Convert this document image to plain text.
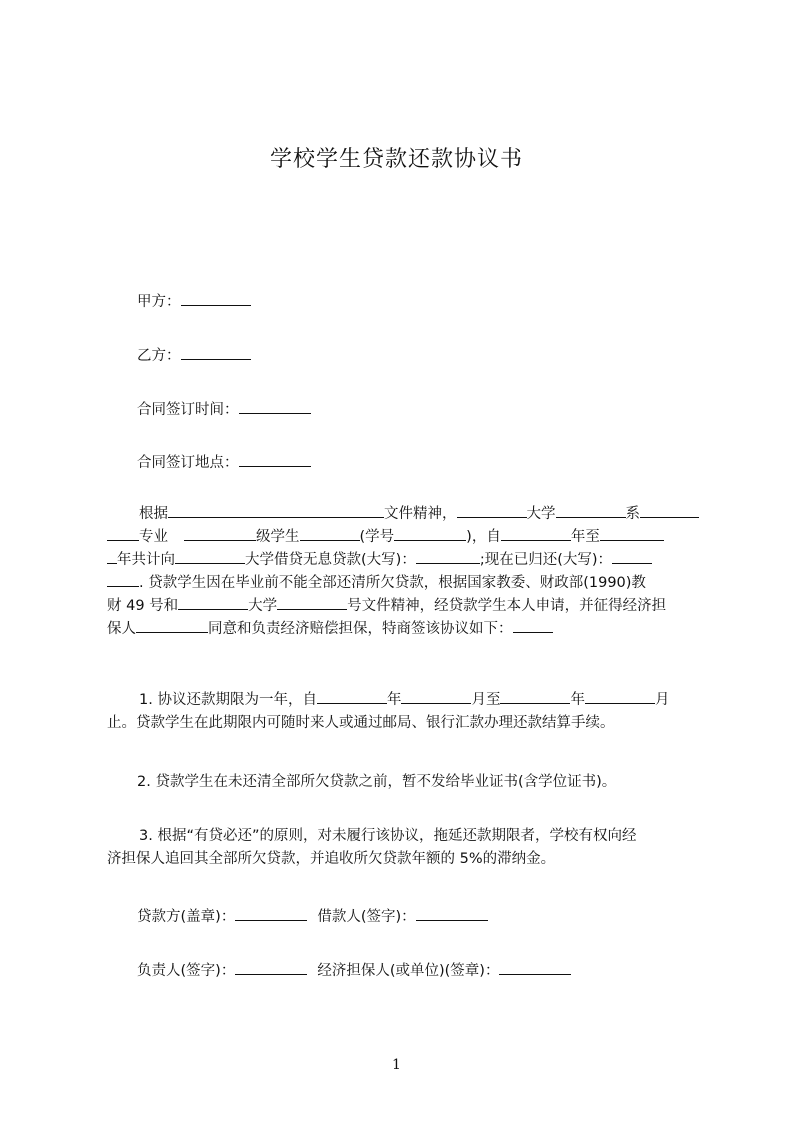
学校学生贷款还款协议书
甲方：
乙方：
合同签订时间：
合同签订地点：
根据	文件精神，	大学	系
专业	级学生	(学号	)，自	年至
年共计向	大学借贷无息贷款(大写)：	;现在已归还(大写)：
. 贷款学生因在毕业前不能全部还清所欠贷款，根据国家教委、财政部(1990)教
财 49 号和	大学	号文件精神，经贷款学生本人申请，并征得经济担
保人	同意和负责经济赔偿担保，特商签该协议如下：
1. 协议还款期限为一年，自	年	月至	年	月
止。贷款学生在此期限内可随时来人或通过邮局、银行汇款办理还款结算手续。
2. 贷款学生在未还清全部所欠贷款之前，暂不发给毕业证书(含学位证书)。
3. 根据“有贷必还”的原则，对未履行该协议，拖延还款期限者，学校有权向经
济担保人追回其全部所欠贷款，并追收所欠贷款年额的 5%的滞纳金。
贷款方(盖章)：	借款人(签字)：
负责人(签字)：	经济担保人(或单位)(签章)：
1
